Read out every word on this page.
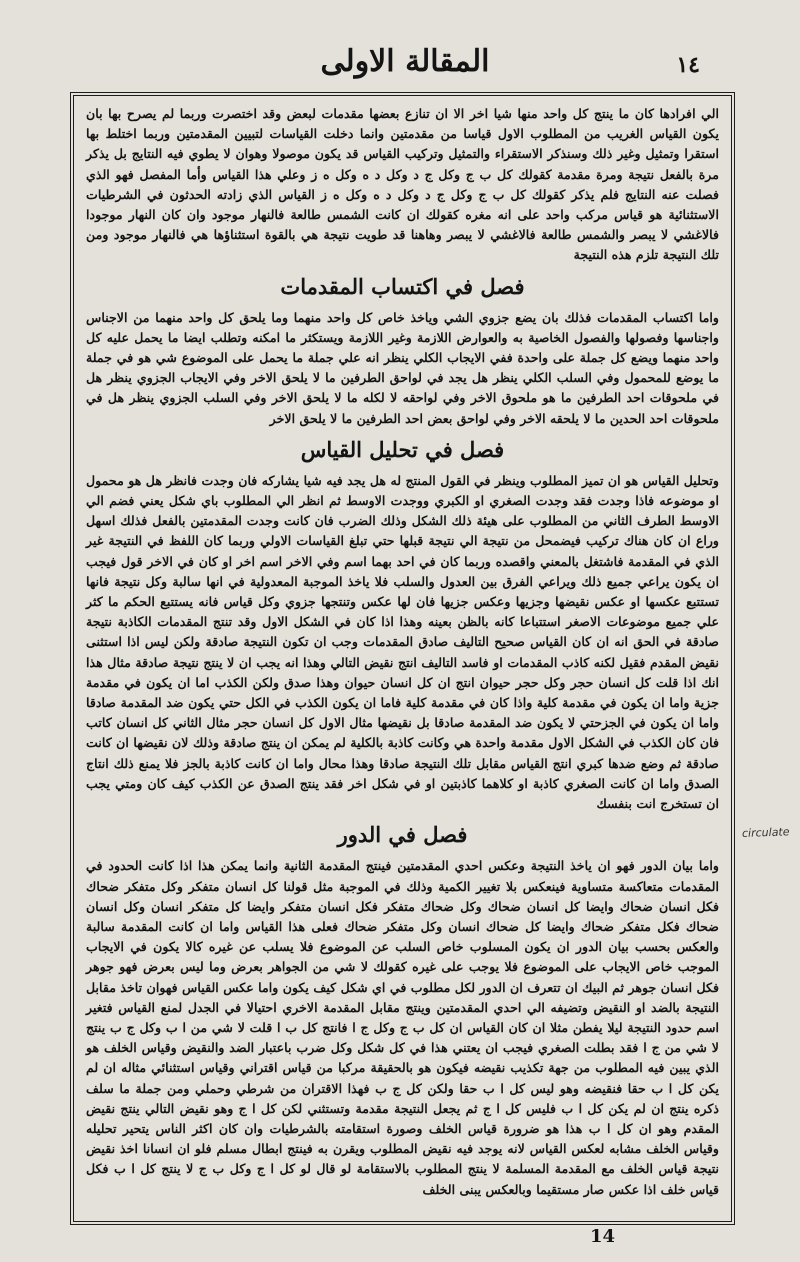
المقالة الاولى	١٤

الي افرادها كان ما ينتج كل واحد منها شيا اخر الا ان تنازع بعضها مقدمات لبعض وقد اختصرت وربما لم يصرح بها بان يكون القياس الغريب من المطلوب الاول قياسا من مقدمتين وانما دخلت القياسات لتبيين المقدمتين وربما اختلط بها استقرا وتمثيل وغير ذلك وسنذكر الاستقراء والتمثيل وتركيب القياس قد يكون موصولا وهوان لا يطوي فيه النتايج بل يذكر مرة بالفعل نتيجة ومرة مقدمة كقولك كل ب ج وكل ج د وكل د ه وكل ه ز وعلي هذا القياس وأما المفصل فهو الذي فصلت عنه النتايج فلم يذكر كقولك كل ب ج وكل ج د وكل د ه وكل ه ز القياس الذي زادته الحدثون في الشرطيات الاستثنائية هو قياس مركب واحد على انه مغره كقولك ان كانت الشمس طالعة فالنهار موجود وان كان النهار موجودا فالاغشي لا يبصر والشمس طالعة فالاغشي لا يبصر وهاهنا قد طويت نتيجة هي بالقوة استثناؤها هي فالنهار موجود ومن تلك النتيجة تلزم هذه النتيجة

فصل في اكتساب المقدمات

واما اكتساب المقدمات فذلك بان يضع جزوي الشي وياخذ خاص كل واحد منهما وما يلحق كل واحد منهما من الاجناس واجناسها وفصولها والفصول الخاصية به والعوارض اللازمة وغير اللازمة ويستكثر ما امكنه وتطلب ايضا ما يحمل عليه كل واحد منهما ويضع كل جملة على واحدة ففي الايجاب الكلي ينظر انه علي جملة ما يحمل على الموضوع شي هو في جملة ما يوضع للمحمول وفي السلب الكلي ينظر هل يجد في لواحق الطرفين ما لا يلحق الاخر وفي الايجاب الجزوي ينظر هل في ملحوقات احد الطرفين ما هو ملحوق الاخر وفي لواحقه لا لكله ما لا يلحق الاخر وفي السلب الجزوي ينظر هل في ملحوقات احد الحدين ما لا يلحقه الاخر وفي لواحق بعض احد الطرفين ما لا يلحق الاخر

فصل في تحليل القياس

وتحليل القياس هو ان تميز المطلوب وينظر في القول المنتج له هل يجد فيه شيا يشاركه فان وجدت فانظر هل هو محمول او موضوعه فاذا وجدت فقد وجدت الصغري او الكبري ووجدت الاوسط ثم انظر الي المطلوب باي شكل يعني فضم الي الاوسط الطرف الثاني من المطلوب على هيئة ذلك الشكل وذلك الضرب فان كانت وجدت المقدمتين بالفعل فذلك اسهل وراع ان كان هناك تركيب فيضمحل من نتيجة الي نتيجة قبلها حتي تبلغ القياسات الاولي وربما كان اللفظ في النتيجة غير الذي في المقدمة فاشتغل بالمعني واقصده وربما كان في احد بهما اسم وفي الاخر اسم اخر او كان في الاخر قول فيجب ان يكون يراعي جميع ذلك ويراعي الفرق بين العدول والسلب فلا ياخذ الموجبة المعدولية في انها سالبة وكل نتيجة فانها تستتبع عكسها او عكس نقيضها وجزيها وعكس جزيها فان لها عكس وتنتجها جزوي وكل قياس فانه يستتبع الحكم ما كثر علي جميع موضوعات الاصغر استتباعا كانه بالظن بعينه وهذا اذا كان في الشكل الاول وقد تنتج المقدمات الكاذبة نتيجة صادقة في الحق انه ان كان القياس صحيح التاليف صادق المقدمات وجب ان تكون النتيجة صادقة ولكن ليس اذا استثنى نقيض المقدم فقيل لكنه كاذب المقدمات او فاسد التاليف انتج نقيض التالي وهذا انه يجب ان لا ينتج نتيجة صادقة مثال هذا انك اذا قلت كل انسان حجر وكل حجر حيوان انتج ان كل انسان حيوان وهذا صدق ولكن الكذب اما ان يكون في مقدمة جزية واما ان يكون في مقدمة كلية واذا كان في مقدمة كلية فاما ان يكون الكذب في الكل حتي يكون ضد المقدمة صادقا واما ان يكون في الجزحتي لا يكون ضد المقدمة صادقا بل نقيضها مثال الاول كل انسان حجر مثال الثاني كل انسان كاتب فان كان الكذب في الشكل الاول مقدمة واحدة هي وكانت كاذبة بالكلية لم يمكن ان ينتج صادقة وذلك لان نقيضها ان كانت صادقة ثم وضع ضدها كبري انتج القياس مقابل تلك النتيجة صادقا وهذا محال واما ان كانت كاذبة بالجز فلا يمنع ذلك انتاج الصدق واما ان كانت الصغري كاذبة او كلاهما كاذبتين او في شكل اخر فقد ينتج الصدق عن الكذب كيف كان ومتي يجب ان تستخرج انت بنفسك

فصل في الدور

واما بيان الدور فهو ان ياخذ النتيجة وعكس احدي المقدمتين فينتج المقدمة الثانية وانما يمكن هذا اذا كانت الحدود في المقدمات متعاكسة متساوية فينعكس بلا تغيير الكمية وذلك في الموجبة مثل قولنا كل انسان متفكر وكل متفكر ضحاك فكل انسان ضحاك وايضا كل انسان ضحاك وكل ضحاك متفكر فكل انسان متفكر وايضا كل متفكر انسان وكل انسان ضحاك فكل متفكر ضحاك وايضا كل ضحاك انسان وكل متفكر ضحاك فعلى هذا القياس واما ان كانت المقدمة سالبة والعكس بحسب بيان الدور ان يكون المسلوب خاص السلب عن الموضوع فلا يسلب عن غيره كالا يكون في الايجاب الموجب خاص الايجاب على الموضوع فلا يوجب على غيره كقولك لا شي من الجواهر بعرض وما ليس بعرض فهو جوهر فكل انسان جوهر ثم البيك ان تتعرف ان الدور لكل مطلوب في اي شكل كيف يكون واما عكس القياس فهوان تاخذ مقابل النتيجة بالضد او النقيض وتضيفه الي احدي المقدمتين وينتج مقابل المقدمة الاخري احتيالا في الجدل لمنع القياس فتغير اسم حدود النتيجة ليلا يفطن مثلا ان كان القياس ان كل ب ج وكل ج ا فانتج كل ب ا قلت لا شي من ا ب وكل ج ب ينتج لا شي من ج ا فقد بطلت الصغري فيجب ان يعتني هذا في كل شكل وكل ضرب باعتبار الضد والنقيض وقياس الخلف هو الذي يبين فيه المطلوب من جهة تكذيب نقيضه فيكون هو بالحقيقة مركبا من قياس اقتراني وقياس استثنائي مثاله ان لم يكن كل ا ب حقا فنقيضه وهو ليس كل ا ب حقا ولكن كل ج ب فهذا الاقتران من شرطي وحملي ومن جملة ما سلف ذكره ينتج ان لم يكن كل ا ب فليس كل ا ج ثم يجعل النتيجة مقدمة وتستثني لكن كل ا ج وهو نقيض التالي ينتج نقيض المقدم وهو ان كل ا ب هذا هو ضرورة قياس الخلف وصورة استقامته بالشرطيات وان كان اكثر الناس يتحير تحليله وقياس الخلف مشابه لعكس القياس لانه يوجد فيه نقيض المطلوب ويقرن به فينتج ابطال مسلم فلو ان انسانا اخذ نقيض نتيجة قياس الخلف مع المقدمة المسلمة لا ينتج المطلوب بالاستقامة لو قال لو كل ا ج وكل ب ج لا ينتج كل ا ب فكل قياس خلف اذا عكس صار مستقيما وبالعكس يبنى الخلف

circulate
14
